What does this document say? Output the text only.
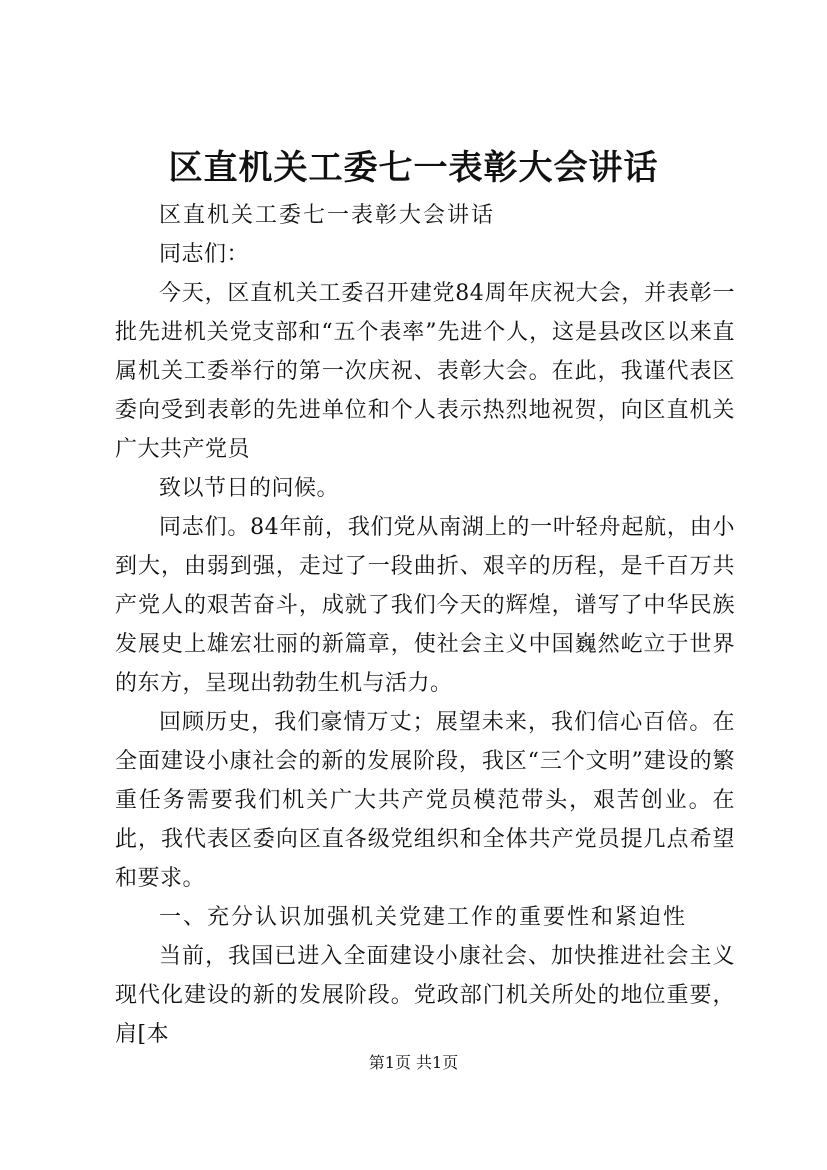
区直机关工委七一表彰大会讲话

区直机关工委七一表彰大会讲话

同志们：

今天，区直机关工委召开建党84周年庆祝大会，并表彰一批先进机关党支部和“五个表率”先进个人，这是县改区以来直属机关工委举行的第一次庆祝、表彰大会。在此，我谨代表区委向受到表彰的先进单位和个人表示热烈地祝贺，向区直机关广大共产党员

致以节日的问候。

同志们。84年前，我们党从南湖上的一叶轻舟起航，由小到大，由弱到强，走过了一段曲折、艰辛的历程，是千百万共产党人的艰苦奋斗，成就了我们今天的辉煌，谱写了中华民族发展史上雄宏壮丽的新篇章，使社会主义中国巍然屹立于世界的东方，呈现出勃勃生机与活力。

回顾历史，我们豪情万丈；展望未来，我们信心百倍。在全面建设小康社会的新的发展阶段，我区“三个文明”建设的繁重任务需要我们机关广大共产党员模范带头，艰苦创业。在此，我代表区委向区直各级党组织和全体共产党员提几点希望和要求。

一、充分认识加强机关党建工作的重要性和紧迫性

当前，我国已进入全面建设小康社会、加快推进社会主义现代化建设的新的发展阶段。党政部门机关所处的地位重要，肩[本

第1页 共1页
